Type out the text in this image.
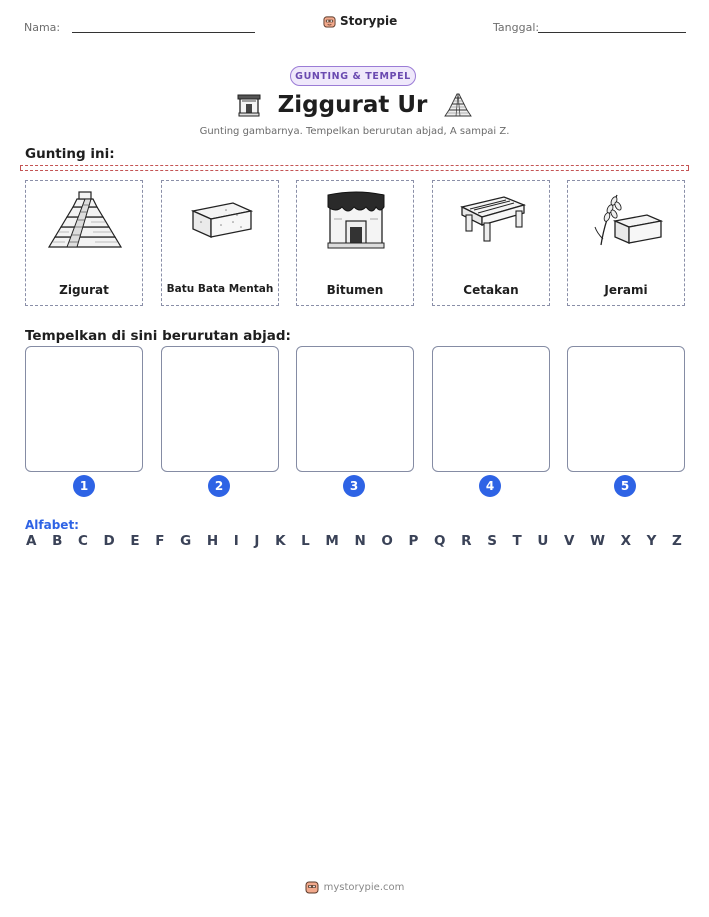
Nama:	Storypie	Tanggal:
GUNTING & TEMPEL
Ziggurat Ur
Gunting gambarnya. Tempelkan berurutan abjad, A sampai Z.
Gunting ini:
Zigurat	Batu Bata Mentah	Bitumen	Cetakan	Jerami
Tempelkan di sini berurutan abjad:
1	2	3	4	5
Alfabet:
A B C D E F G H I J K L M N O P Q R S T U V W X Y Z
mystorypie.com
